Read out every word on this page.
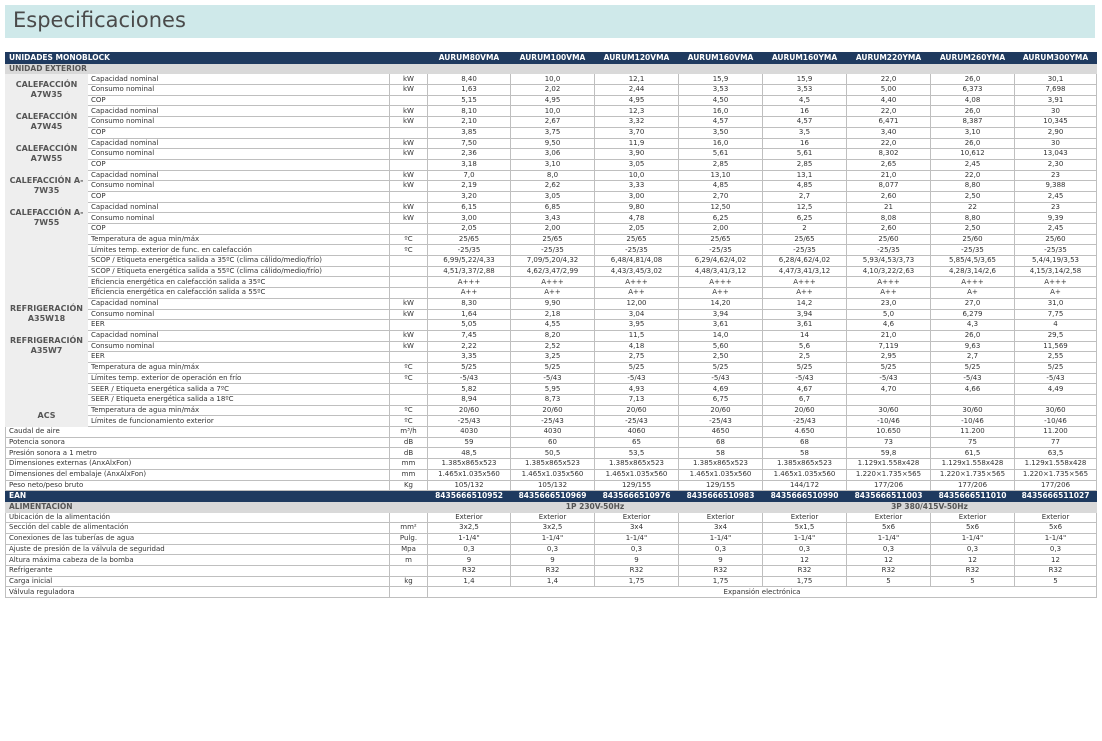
Especificaciones
UNIDADES MONOBLOCK			AURUM80VMA	AURUM100VMA	AURUM120VMA	AURUM160VMA	AURUM160YMA	AURUM220YMA	AURUM260YMA	AURUM300YMA
UNIDAD EXTERIOR										
CALEFACCIÓN A7W35	Capacidad nominal	kW	8,40	10,0	12,1	15,9	15,9	22,0	26,0	30,1
	Consumo nominal	kW	1,63	2,02	2,44	3,53	3,53	5,00	6,373	7,698
	COP		5,15	4,95	4,95	4,50	4,5	4,40	4,08	3,91
CALEFACCIÓN A7W45	Capacidad nominal	kW	8,10	10,0	12,3	16,0	16	22,0	26,0	30
	Consumo nominal	kW	2,10	2,67	3,32	4,57	4,57	6,471	8,387	10,345
	COP		3,85	3,75	3,70	3,50	3,5	3,40	3,10	2,90
CALEFACCIÓN A7W55	Capacidad nominal	kW	7,50	9,50	11,9	16,0	16	22,0	26,0	30
	Consumo nominal	kW	2,36	3,06	3,90	5,61	5,61	8,302	10,612	13,043
	COP		3,18	3,10	3,05	2,85	2,85	2,65	2,45	2,30
CALEFACCIÓN A-7W35	Capacidad nominal	kW	7,0	8,0	10,0	13,10	13,1	21,0	22,0	23
	Consumo nominal	kW	2,19	2,62	3,33	4,85	4,85	8,077	8,80	9,388
	COP		3,20	3,05	3,00	2,70	2,7	2,60	2,50	2,45
CALEFACCIÓN A-7W55	Capacidad nominal	kW	6,15	6,85	9,80	12,50	12,5	21	22	23
	Consumo nominal	kW	3,00	3,43	4,78	6,25	6,25	8,08	8,80	9,39
	COP		2,05	2,00	2,05	2,00	2	2,60	2,50	2,45
	Temperatura de agua min/máx	ºC	25/65	25/65	25/65	25/65	25/65	25/60	25/60	25/60
	Límites temp. exterior de func. en calefacción	ºC	-25/35	-25/35	-25/35	-25/35	-25/35	-25/35	-25/35	-25/35
	SCOP / Etiqueta energética salida a 35ºC (clima cálido/medio/frío)		6,99/5,22/4,33	7,09/5,20/4,32	6,48/4,81/4,08	6,29/4,62/4,02	6,28/4,62/4,02	5,93/4,53/3,73	5,85/4,5/3,65	5,4/4,19/3,53
	SCOP / Etiqueta energética salida a 55ºC (clima cálido/medio/frío)		4,51/3,37/2,88	4,62/3,47/2,99	4,43/3,45/3,02	4,48/3,41/3,12	4,47/3,41/3,12	4,10/3,22/2,63	4,28/3,14/2,6	4,15/3,14/2,58
	Eficiencia energética en calefacción salida a 35ºC		A+++	A+++	A+++	A+++	A+++	A+++	A+++	A+++
	Eficiencia energética en calefacción salida a 55ºC		A++	A++	A++	A++	A++	A++	A+	A+
REFRIGERACIÓN A35W18	Capacidad nominal	kW	8,30	9,90	12,00	14,20	14,2	23,0	27,0	31,0
	Consumo nominal	kW	1,64	2,18	3,04	3,94	3,94	5,0	6,279	7,75
	EER		5,05	4,55	3,95	3,61	3,61	4,6	4,3	4
REFRIGERACIÓN A35W7	Capacidad nominal	kW	7,45	8,20	11,5	14,0	14	21,0	26,0	29,5
	Consumo nominal	kW	2,22	2,52	4,18	5,60	5,6	7,119	9,63	11,569
	EER		3,35	3,25	2,75	2,50	2,5	2,95	2,7	2,55
	Temperatura de agua min/máx	ºC	5/25	5/25	5/25	5/25	5/25	5/25	5/25	5/25
	Límites temp. exterior de operación en frío	ºC	-5/43	-5/43	-5/43	-5/43	-5/43	-5/43	-5/43	-5/43
	SEER / Etiqueta energética salida a 7ºC		5,82	5,95	4,93	4,69	4,67	4,70	4,66	4,49
	SEER / Etiqueta energética salida a 18ºC		8,94	8,73	7,13	6,75	6,7			
ACS	Temperatura de agua min/máx	ºC	20/60	20/60	20/60	20/60	20/60	30/60	30/60	30/60
	Límites de funcionamiento exterior	ºC	-25/43	-25/43	-25/43	-25/43	-25/43	-10/46	-10/46	-10/46
Caudal de aire		m³/h	4030	4030	4060	4650	4.650	10.650	11.200	11.200
Potencia sonora		dB	59	60	65	68	68	73	75	77
Presión sonora a 1 metro		dB	48,5	50,5	53,5	58	58	59,8	61,5	63,5
Dimensiones externas (AnxAlxFon)		mm	1.385x865x523	1.385x865x523	1.385x865x523	1.385x865x523	1.385x865x523	1.129x1.558x428	1.129x1.558x428	1.129x1.558x428
Dimensiones del embalaje (AnxAlxFon)		mm	1.465x1.035x560	1.465x1.035x560	1.465x1.035x560	1.465x1.035x560	1.465x1.035x560	1.220×1.735×565	1.220×1.735×565	1.220×1.735×565
Peso neto/peso bruto		Kg	105/132	105/132	129/155	129/155	144/172	177/206	177/206	177/206
EAN			8435666510952	8435666510969	8435666510976	8435666510983	8435666510990	8435666511003	8435666511010	8435666511027
ALIMENTACIÓN			1P 230V-50Hz				3P 380/415V-50Hz			
Ubicación de la alimentación			Exterior	Exterior	Exterior	Exterior	Exterior	Exterior	Exterior	Exterior
Sección del cable de alimentación		mm²	3x2,5	3x2,5	3x4	3x4	5x1,5	5x6	5x6	5x6
Conexiones de las tuberías de agua		Pulg.	1-1/4"	1-1/4"	1-1/4"	1-1/4"	1-1/4"	1-1/4"	1-1/4"	1-1/4"
Ajuste de presión de la válvula de seguridad		Mpa	0,3	0,3	0,3	0,3	0,3	0,3	0,3	0,3
Altura máxima cabeza de la bomba		m	9	9	9	9	12	12	12	12
Refrigerante			R32	R32	R32	R32	R32	R32	R32	R32
Carga inicial		kg	1,4	1,4	1,75	1,75	1,75	5	5	5
Válvula reguladora			Expansión electrónica							
